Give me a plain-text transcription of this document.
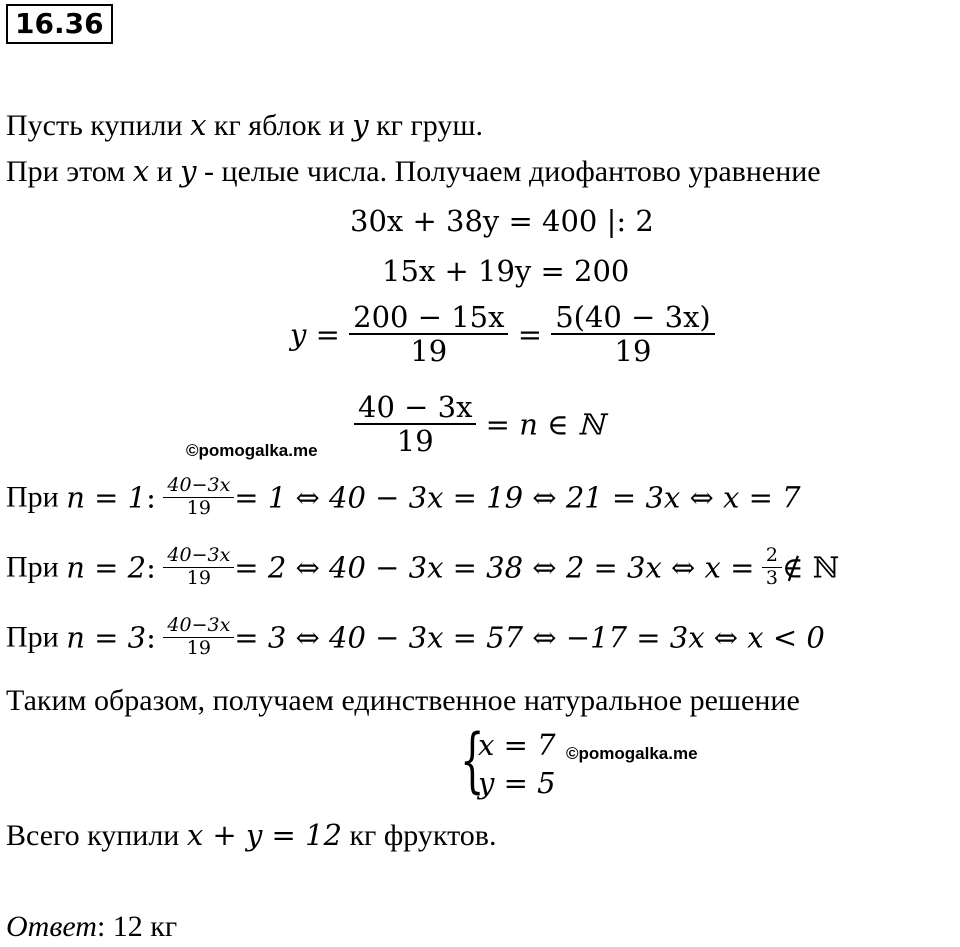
16.36
Пусть купили x кг яблок и y кг груш.
При этом x и y - целые числа. Получаем диофантово уравнение
30x + 38y = 400 |: 2
15x + 19y = 200
$y = \frac{200 - 15x}{19} = \frac{5(40 - 3x)}{19}$
$\frac{40 - 3x}{19} = n$ ∈ ℕ
©pomogalka.me
При n = 1: $\frac{40-3x}{19} = 1$ ⇔ 40 − 3x = 19 ⇔ 21 = 3x ⇔ x = 7
При n = 2: $\frac{40-3x}{19} = 2$ ⇔ 40 − 3x = 38 ⇔ 2 = 3x ⇔ $x = \frac{2}{3}$ ∉ ℕ
При n = 3: $\frac{40-3x}{19} = 3$ ⇔ 40 − 3x = 57 ⇔ −17 = 3x ⇔ x < 0
Таким образом, получаем единственное натуральное решение
{
x = 7
y = 5
©pomogalka.me
Всего купили x + y = 12 кг фруктов.
Ответ: 12 кг
